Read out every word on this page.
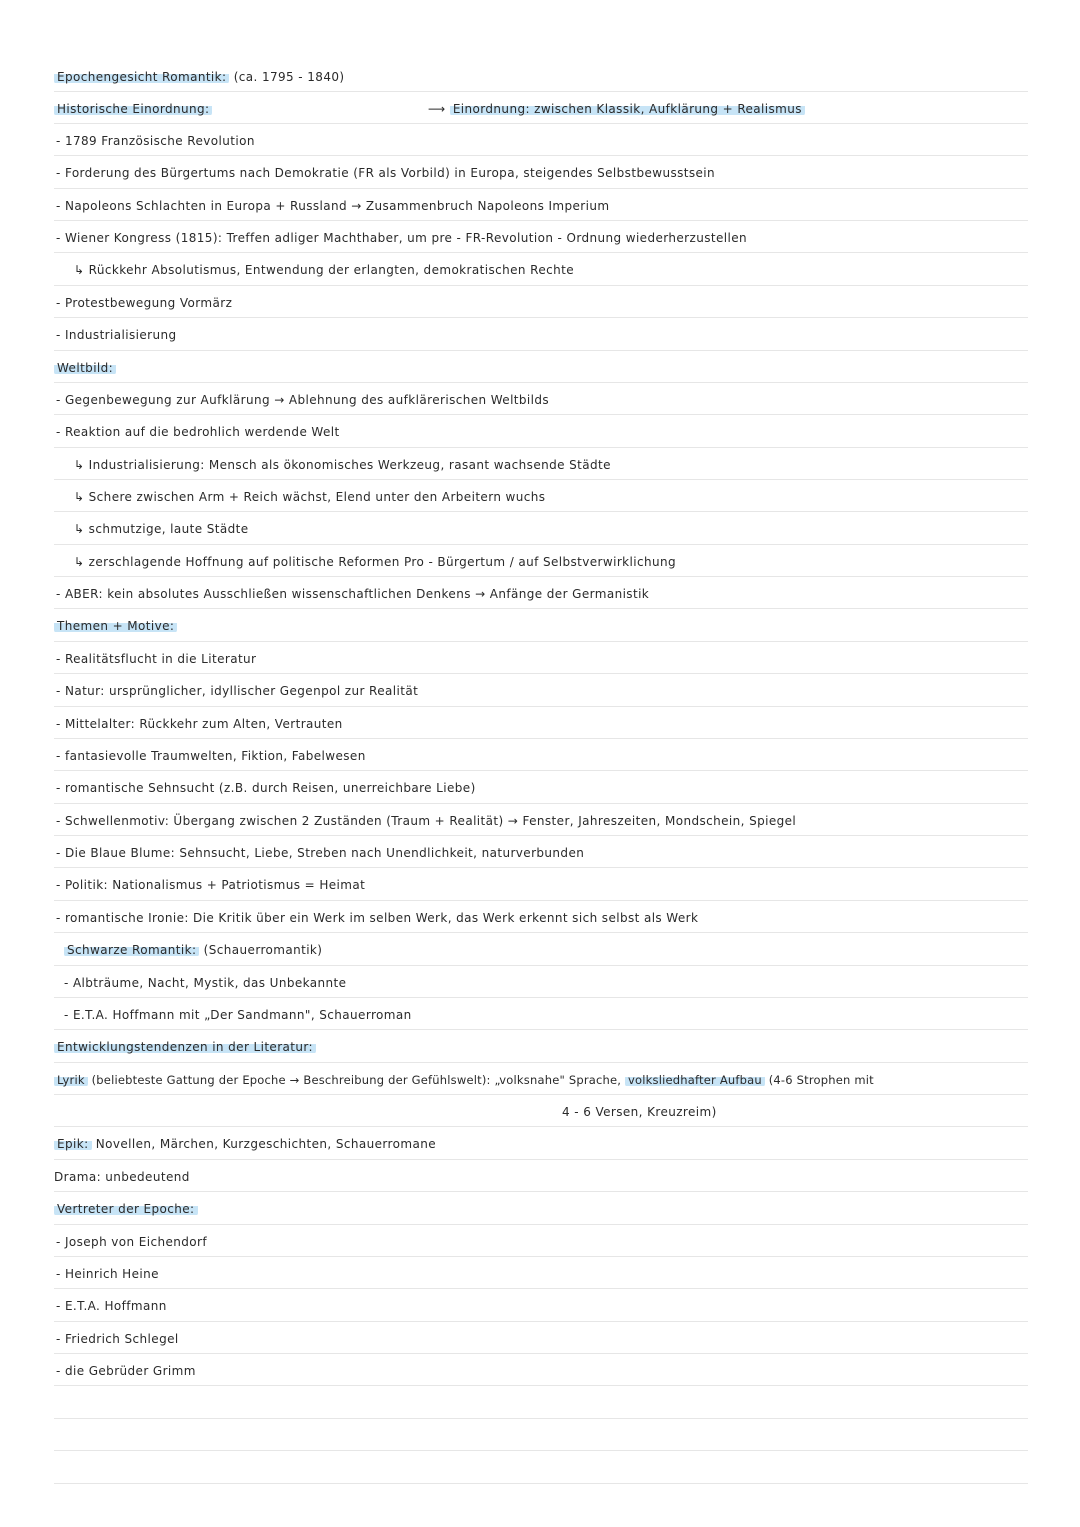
Epochengesicht Romantik: (ca. 1795 - 1840)
Historische Einordnung:	⟶ Einordnung: zwischen Klassik, Aufklärung + Realismus
- 1789 Französische Revolution
- Forderung des Bürgertums nach Demokratie (FR als Vorbild) in Europa, steigendes Selbstbewusstsein
- Napoleons Schlachten in Europa + Russland → Zusammenbruch Napoleons Imperium
- Wiener Kongress (1815): Treffen adliger Machthaber, um pre - FR-Revolution - Ordnung wiederherzustellen
↳ Rückkehr Absolutismus, Entwendung der erlangten, demokratischen Rechte
- Protestbewegung Vormärz
- Industrialisierung
Weltbild:
- Gegenbewegung zur Aufklärung → Ablehnung des aufklärerischen Weltbilds
- Reaktion auf die bedrohlich werdende Welt
↳ Industrialisierung: Mensch als ökonomisches Werkzeug, rasant wachsende Städte
↳ Schere zwischen Arm + Reich wächst, Elend unter den Arbeitern wuchs
↳ schmutzige, laute Städte
↳ zerschlagende Hoffnung auf politische Reformen Pro - Bürgertum / auf Selbstverwirklichung
- ABER: kein absolutes Ausschließen wissenschaftlichen Denkens → Anfänge der Germanistik
Themen + Motive:
- Realitätsflucht in die Literatur
- Natur: ursprünglicher, idyllischer Gegenpol zur Realität
- Mittelalter: Rückkehr zum Alten, Vertrauten
- fantasievolle Traumwelten, Fiktion, Fabelwesen
- romantische Sehnsucht (z.B. durch Reisen, unerreichbare Liebe)
- Schwellenmotiv: Übergang zwischen 2 Zuständen (Traum + Realität) → Fenster, Jahreszeiten, Mondschein, Spiegel
- Die Blaue Blume: Sehnsucht, Liebe, Streben nach Unendlichkeit, naturverbunden
- Politik: Nationalismus + Patriotismus = Heimat
- romantische Ironie: Die Kritik über ein Werk im selben Werk, das Werk erkennt sich selbst als Werk
Schwarze Romantik: (Schauerromantik)
- Albträume, Nacht, Mystik, das Unbekannte
- E.T.A. Hoffmann mit „Der Sandmann", Schauerroman
Entwicklungstendenzen in der Literatur:
Lyrik (beliebteste Gattung der Epoche → Beschreibung der Gefühlswelt): „volksnahe" Sprache, volksliedhafter Aufbau (4-6 Strophen mit
4 - 6 Versen, Kreuzreim)
Epik: Novellen, Märchen, Kurzgeschichten, Schauerromane
Drama: unbedeutend
Vertreter der Epoche:
- Joseph von Eichendorf
- Heinrich Heine
- E.T.A. Hoffmann
- Friedrich Schlegel
- die Gebrüder Grimm
